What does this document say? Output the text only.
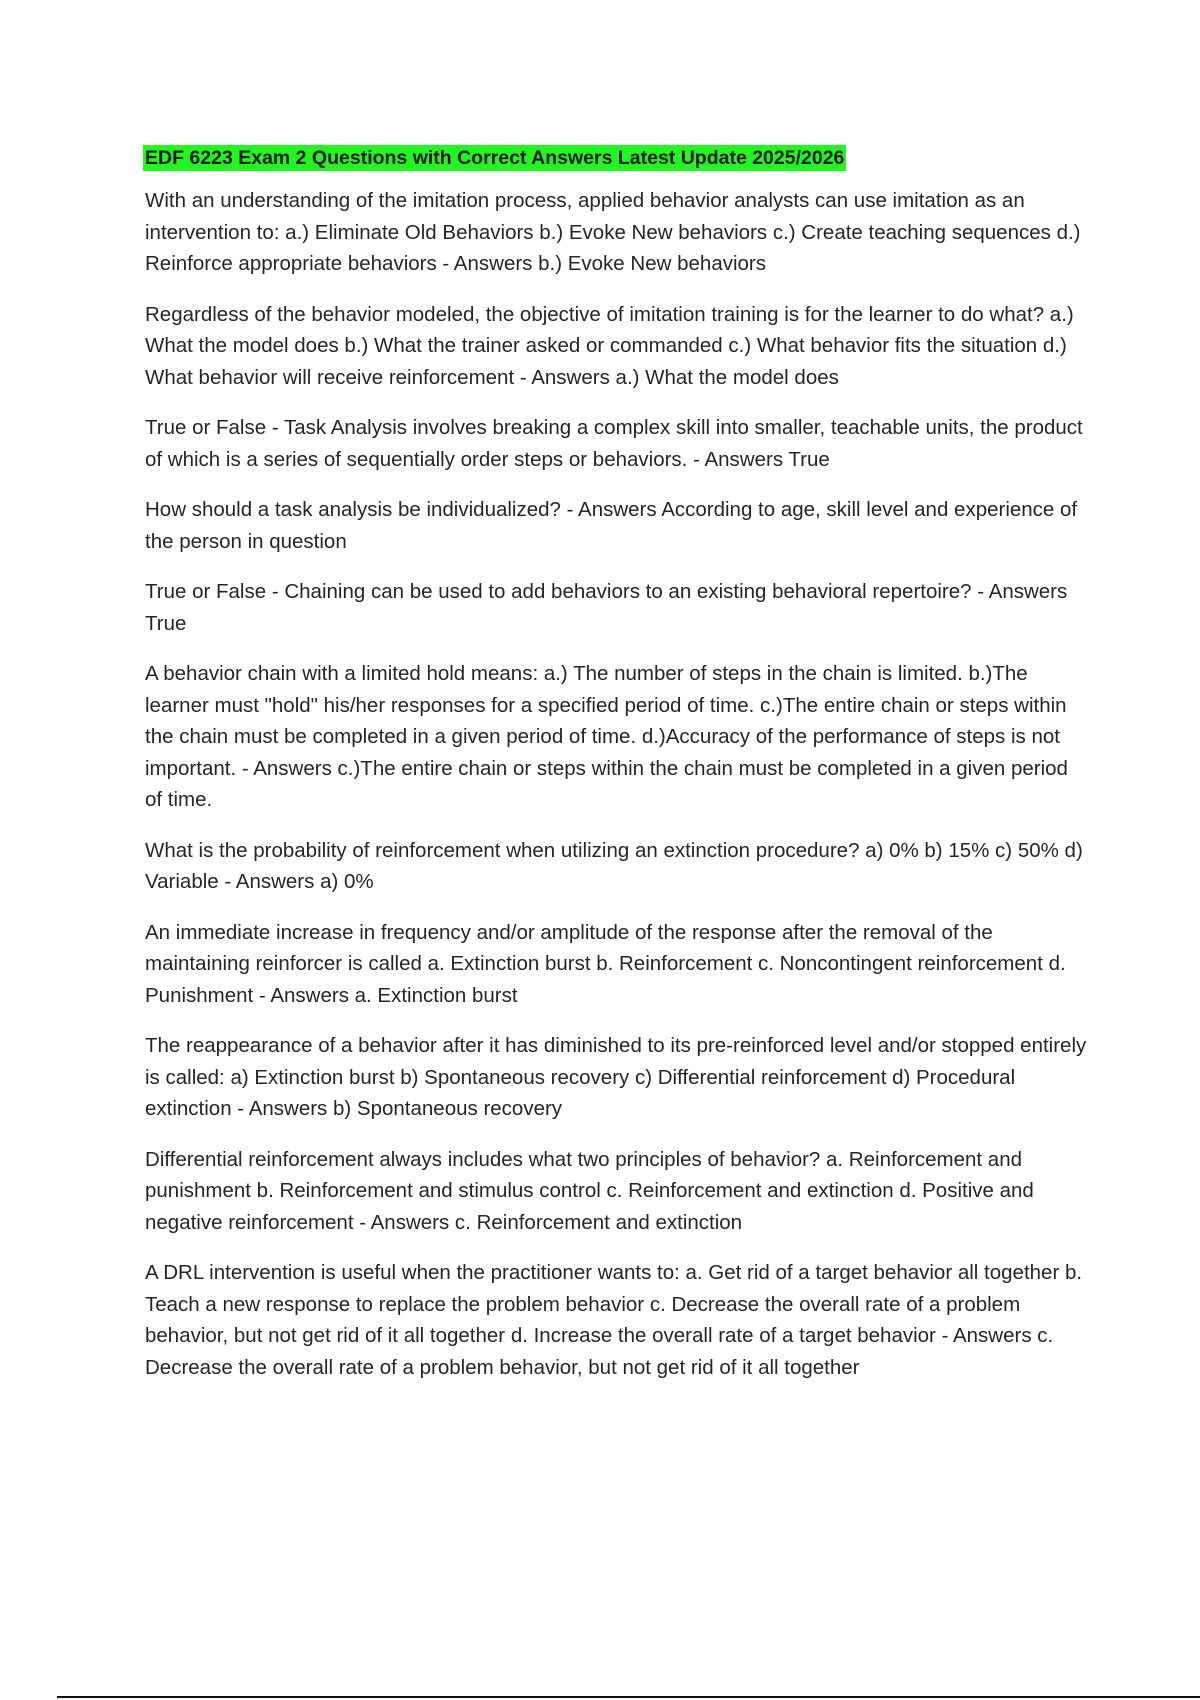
EDF 6223 Exam 2 Questions with Correct Answers Latest Update 2025/2026

With an understanding of the imitation process, applied behavior analysts can use imitation as an intervention to: a.) Eliminate Old Behaviors b.) Evoke New behaviors c.) Create teaching sequences d.) Reinforce appropriate behaviors - Answers b.) Evoke New behaviors

Regardless of the behavior modeled, the objective of imitation training is for the learner to do what? a.) What the model does b.) What the trainer asked or commanded c.) What behavior fits the situation d.) What behavior will receive reinforcement - Answers a.) What the model does

True or False - Task Analysis involves breaking a complex skill into smaller, teachable units, the product of which is a series of sequentially order steps or behaviors. - Answers True

How should a task analysis be individualized? - Answers According to age, skill level and experience of the person in question

True or False - Chaining can be used to add behaviors to an existing behavioral repertoire? - Answers True

A behavior chain with a limited hold means: a.) The number of steps in the chain is limited. b.)The learner must "hold" his/her responses for a specified period of time. c.)The entire chain or steps within the chain must be completed in a given period of time. d.)Accuracy of the performance of steps is not important. - Answers c.)The entire chain or steps within the chain must be completed in a given period of time.

What is the probability of reinforcement when utilizing an extinction procedure? a) 0% b) 15% c) 50% d) Variable - Answers a) 0%

An immediate increase in frequency and/or amplitude of the response after the removal of the maintaining reinforcer is called a. Extinction burst b. Reinforcement c. Noncontingent reinforcement d. Punishment - Answers a. Extinction burst

The reappearance of a behavior after it has diminished to its pre-reinforced level and/or stopped entirely is called: a) Extinction burst b) Spontaneous recovery c) Differential reinforcement d) Procedural extinction - Answers b) Spontaneous recovery

Differential reinforcement always includes what two principles of behavior? a. Reinforcement and punishment b. Reinforcement and stimulus control c. Reinforcement and extinction d. Positive and negative reinforcement - Answers c. Reinforcement and extinction

A DRL intervention is useful when the practitioner wants to: a. Get rid of a target behavior all together b. Teach a new response to replace the problem behavior c. Decrease the overall rate of a problem behavior, but not get rid of it all together d. Increase the overall rate of a target behavior - Answers c. Decrease the overall rate of a problem behavior, but not get rid of it all together
